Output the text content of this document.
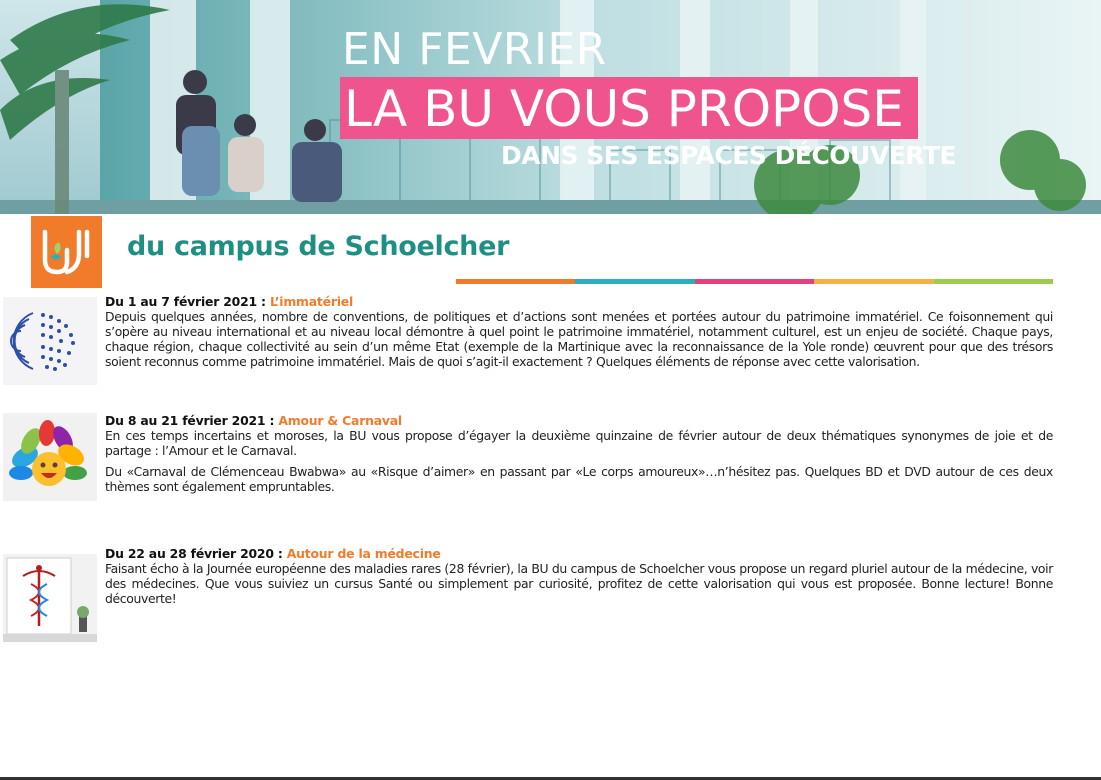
EN FEVRIER
LA BU VOUS PROPOSE
DANS SES ESPACES DÉCOUVERTE
du campus de Schoelcher
Du 1 au 7 février 2021 : L’immatériel

Depuis quelques années, nombre de conventions, de politiques et d’actions sont menées et portées autour du patrimoine immatériel. Ce foisonnement qui s’opère au niveau international et au niveau local démontre à quel point le patrimoine immatériel, notamment culturel, est un enjeu de société. Chaque pays, chaque région, chaque collectivité au sein d’un même Etat (exemple de la Martinique avec la reconnaissance de la Yole ronde) œuvrent pour que des trésors soient reconnus comme patrimoine immatériel. Mais de quoi s’agit-il exactement ? Quelques éléments de réponse avec cette valorisation.

Du 8 au 21 février 2021 : Amour & Carnaval

En ces temps incertains et moroses, la BU vous propose d’égayer la deuxième quinzaine de février autour de deux thématiques synonymes de joie et de partage : l’Amour et le Carnaval.

Du «Carnaval de Clémenceau Bwabwa» au «Risque d’aimer» en passant par «Le corps amoureux»…n’hésitez pas. Quelques BD et DVD autour de ces deux thèmes sont également empruntables.

Du 22 au 28 février 2020 : Autour de la médecine

Faisant écho à la Journée européenne des maladies rares (28 février), la BU du campus de Schoelcher vous propose un regard pluriel autour de la médecine, voir des médecines. Que vous suiviez un cursus Santé ou simplement par curiosité, profitez de cette valorisation qui vous est proposée. Bonne lecture! Bonne découverte!
